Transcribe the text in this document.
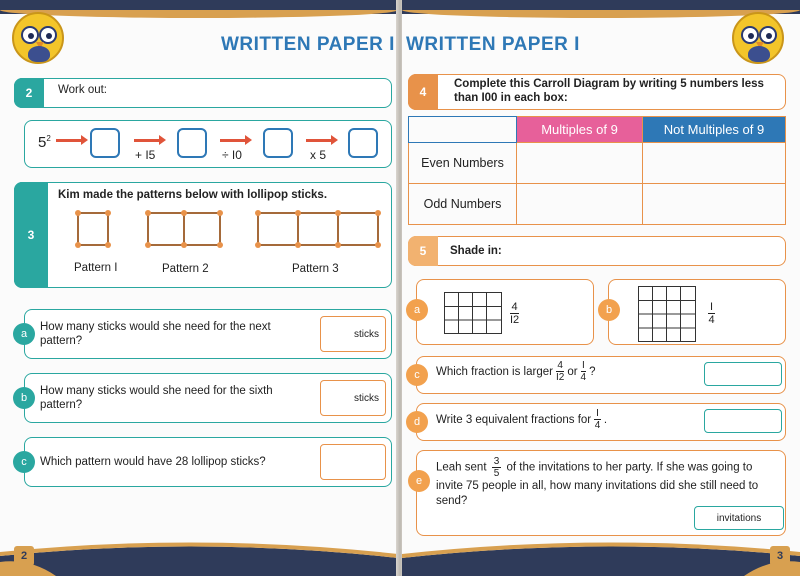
WRITTEN PAPER I
2	Work out:
$5^2$
+ I5	÷ I0	x 5
3
Kim made the patterns below with lollipop sticks.
Pattern I	Pattern 2	Pattern 3
a
How many sticks would she need for the next pattern?
sticks
b
How many sticks would she need for the sixth pattern?
sticks
c	Which pattern would have 28 lollipop sticks?
2
WRITTEN PAPER I
4
Complete this Carroll Diagram by writing 5 numbers less than I00 in each box:
	Multiples of 9	Not Multiples of 9
Even Numbers		
Odd Numbers		
5	Shade in:
a	4
I2
b	I
4
c	Which fraction is larger 4
I2 or I
4 ?
d	Write 3 equivalent fractions for I
4 .
e
Leah sent $\frac{3}{5}$ of the invitations to her party. If she was going to invite 75 people in all, how many invitations did she still need to send?
invitations
3
